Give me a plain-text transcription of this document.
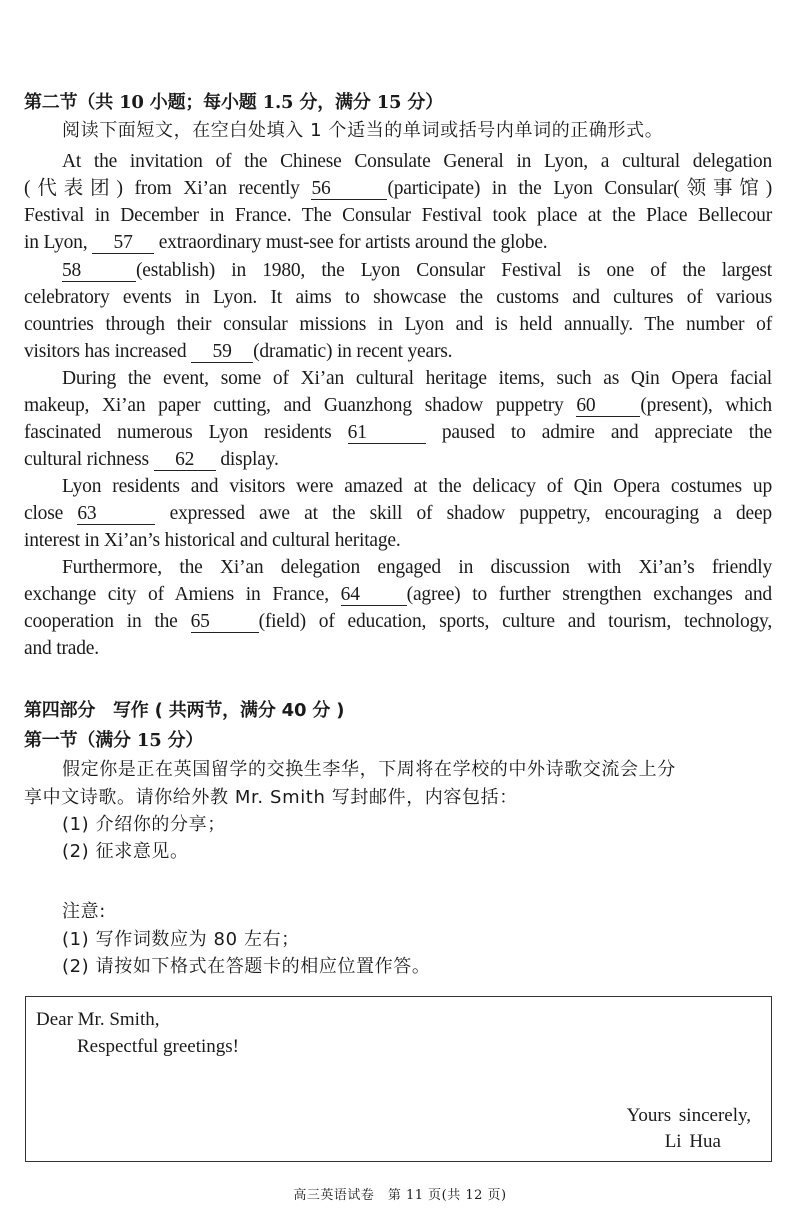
第二节（共 10 小题；每小题 1.5 分，满分 15 分）
阅读下面短文，在空白处填入 1 个适当的单词或括号内单词的正确形式。
At the invitation of the Chinese Consulate General in Lyon, a cultural delegation
(代表团) from Xi’an recently 56	(participate) in the Lyon Consular(领事馆)
Festival in December in France. The Consular Festival took place at the Place Bellecour
in Lyon, 57 extraordinary must-see for artists around the globe.
58	(establish) in 1980, the Lyon Consular Festival is one of the largest
celebratory events in Lyon. It aims to showcase the customs and cultures of various
countries through their consular missions in Lyon and is held annually. The number of
visitors has increased 59 (dramatic) in recent years.
During the event, some of Xi’an cultural heritage items, such as Qin Opera facial
makeup, Xi’an paper cutting, and Guanzhong shadow puppetry 60 (present), which
fascinated numerous Lyon residents 61	paused to admire and appreciate the
cultural richness 62 display.
Lyon residents and visitors were amazed at the delicacy of Qin Opera costumes up
close 63	expressed awe at the skill of shadow puppetry, encouraging a deep
interest in Xi’an’s historical and cultural heritage.
Furthermore, the Xi’an delegation engaged in discussion with Xi’an’s friendly
exchange city of Amiens in France, 64 (agree) to further strengthen exchanges and
cooperation in the 65	(field) of education, sports, culture and tourism, technology,
and trade.
第四部分　写作 ( 共两节，满分 40 分 )
第一节（满分 15 分）
假定你是正在英国留学的交换生李华，下周将在学校的中外诗歌交流会上分
享中文诗歌。请你给外教 Mr. Smith 写封邮件，内容包括：
(1) 介绍你的分享；
(2) 征求意见。
注意:
(1) 写作词数应为 80 左右；
(2) 请按如下格式在答题卡的相应位置作答。
Dear Mr. Smith,
Respectful greetings!
Yours sincerely,
Li Hua
高三英语试卷　第 11 页(共 12 页)
